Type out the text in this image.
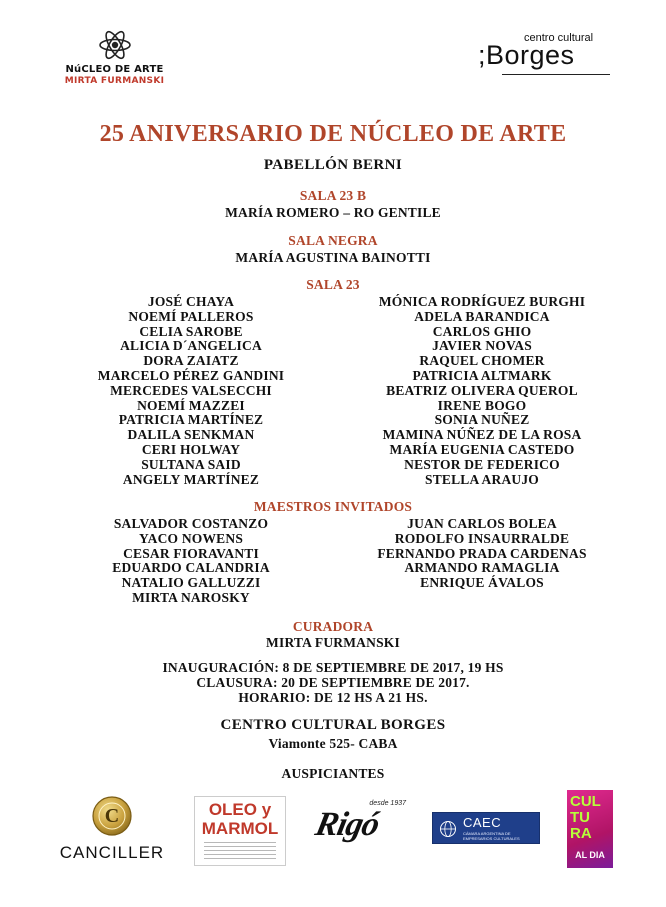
NúCLEO DE ARTE
MIRTA FURMANSKI
centro cultural
;Borges
25 ANIVERSARIO DE NÚCLEO DE ARTE
PABELLÓN BERNI
SALA 23 B
MARÍA ROMERO – RO GENTILE
SALA NEGRA
MARÍA AGUSTINA BAINOTTI
SALA 23
JOSÉ CHAYA
NOEMÍ PALLEROS
CELIA SAROBE
ALICIA D´ANGELICA
DORA ZAIATZ
MARCELO PÉREZ GANDINI
MERCEDES VALSECCHI
NOEMÍ MAZZEI
PATRICIA MARTÍNEZ
DALILA SENKMAN
CERI HOLWAY
SULTANA SAID
ANGELY MARTÍNEZ
MÓNICA RODRÍGUEZ BURGHI
ADELA BARANDICA
CARLOS GHIO
JAVIER NOVAS
RAQUEL CHOMER
PATRICIA ALTMARK
BEATRIZ OLIVERA QUEROL
IRENE BOGO
SONIA NUÑEZ
MAMINA NÚÑEZ DE LA ROSA
MARÍA EUGENIA CASTEDO
NESTOR DE FEDERICO
STELLA ARAUJO
MAESTROS INVITADOS
SALVADOR COSTANZO
YACO NOWENS
CESAR FIORAVANTI
EDUARDO CALANDRIA
NATALIO GALLUZZI
MIRTA NAROSKY
JUAN CARLOS BOLEA
RODOLFO INSAURRALDE
FERNANDO PRADA CARDENAS
ARMANDO RAMAGLIA
ENRIQUE ÁVALOS
CURADORA
MIRTA FURMANSKI
INAUGURACIÓN: 8 DE SEPTIEMBRE DE 2017, 19 HS
CLAUSURA: 20 DE SEPTIEMBRE DE 2017.
HORARIO: DE 12 HS A 21 HS.
CENTRO CULTURAL BORGES
Viamonte 525- CABA
AUSPICIANTES
C
CANCILLER
OLEO y
MARMOL
desde 1937
Rigó	CAEC
CÁMARA ARGENTINA DE EMPRESARIOS CULTURALES
CUL
TU
RA
AL DIA
